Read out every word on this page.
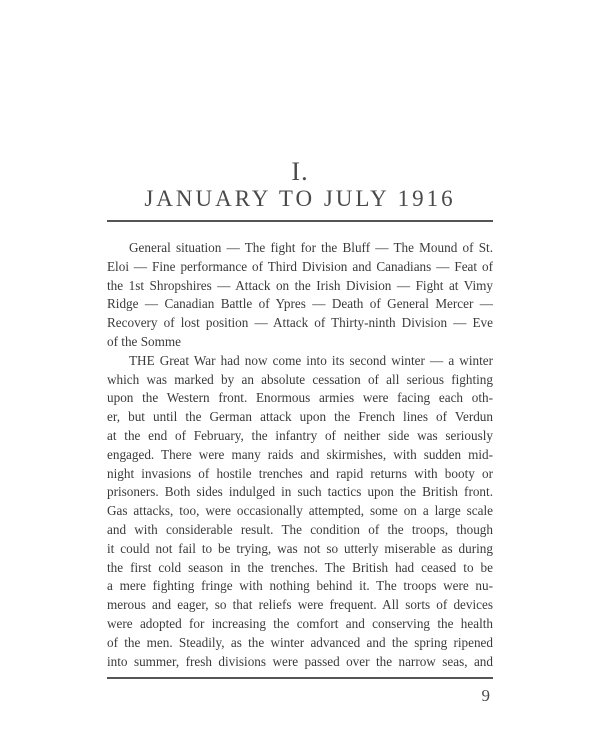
I.
JANUARY TO JULY 1916
General situation — The fight for the Bluff — The Mound of St.
Eloi — Fine performance of Third Division and Canadians — Feat of
the 1st Shropshires — Attack on the Irish Division — Fight at Vimy
Ridge — Canadian Battle of Ypres — Death of General Mercer —
Recovery of lost position — Attack of Thirty-ninth Division — Eve
of the Somme
THE Great War had now come into its second winter — a winter
which was marked by an absolute cessation of all serious fighting
upon the Western front. Enormous armies were facing each oth-
er, but until the German attack upon the French lines of Verdun
at the end of February, the infantry of neither side was seriously
engaged. There were many raids and skirmishes, with sudden mid-
night invasions of hostile trenches and rapid returns with booty or
prisoners. Both sides indulged in such tactics upon the British front.
Gas attacks, too, were occasionally attempted, some on a large scale
and with considerable result. The condition of the troops, though
it could not fail to be trying, was not so utterly miserable as during
the first cold season in the trenches. The British had ceased to be
a mere fighting fringe with nothing behind it. The troops were nu-
merous and eager, so that reliefs were frequent. All sorts of devices
were adopted for increasing the comfort and conserving the health
of the men. Steadily, as the winter advanced and the spring ripened
into summer, fresh divisions were passed over the narrow seas, and
9
